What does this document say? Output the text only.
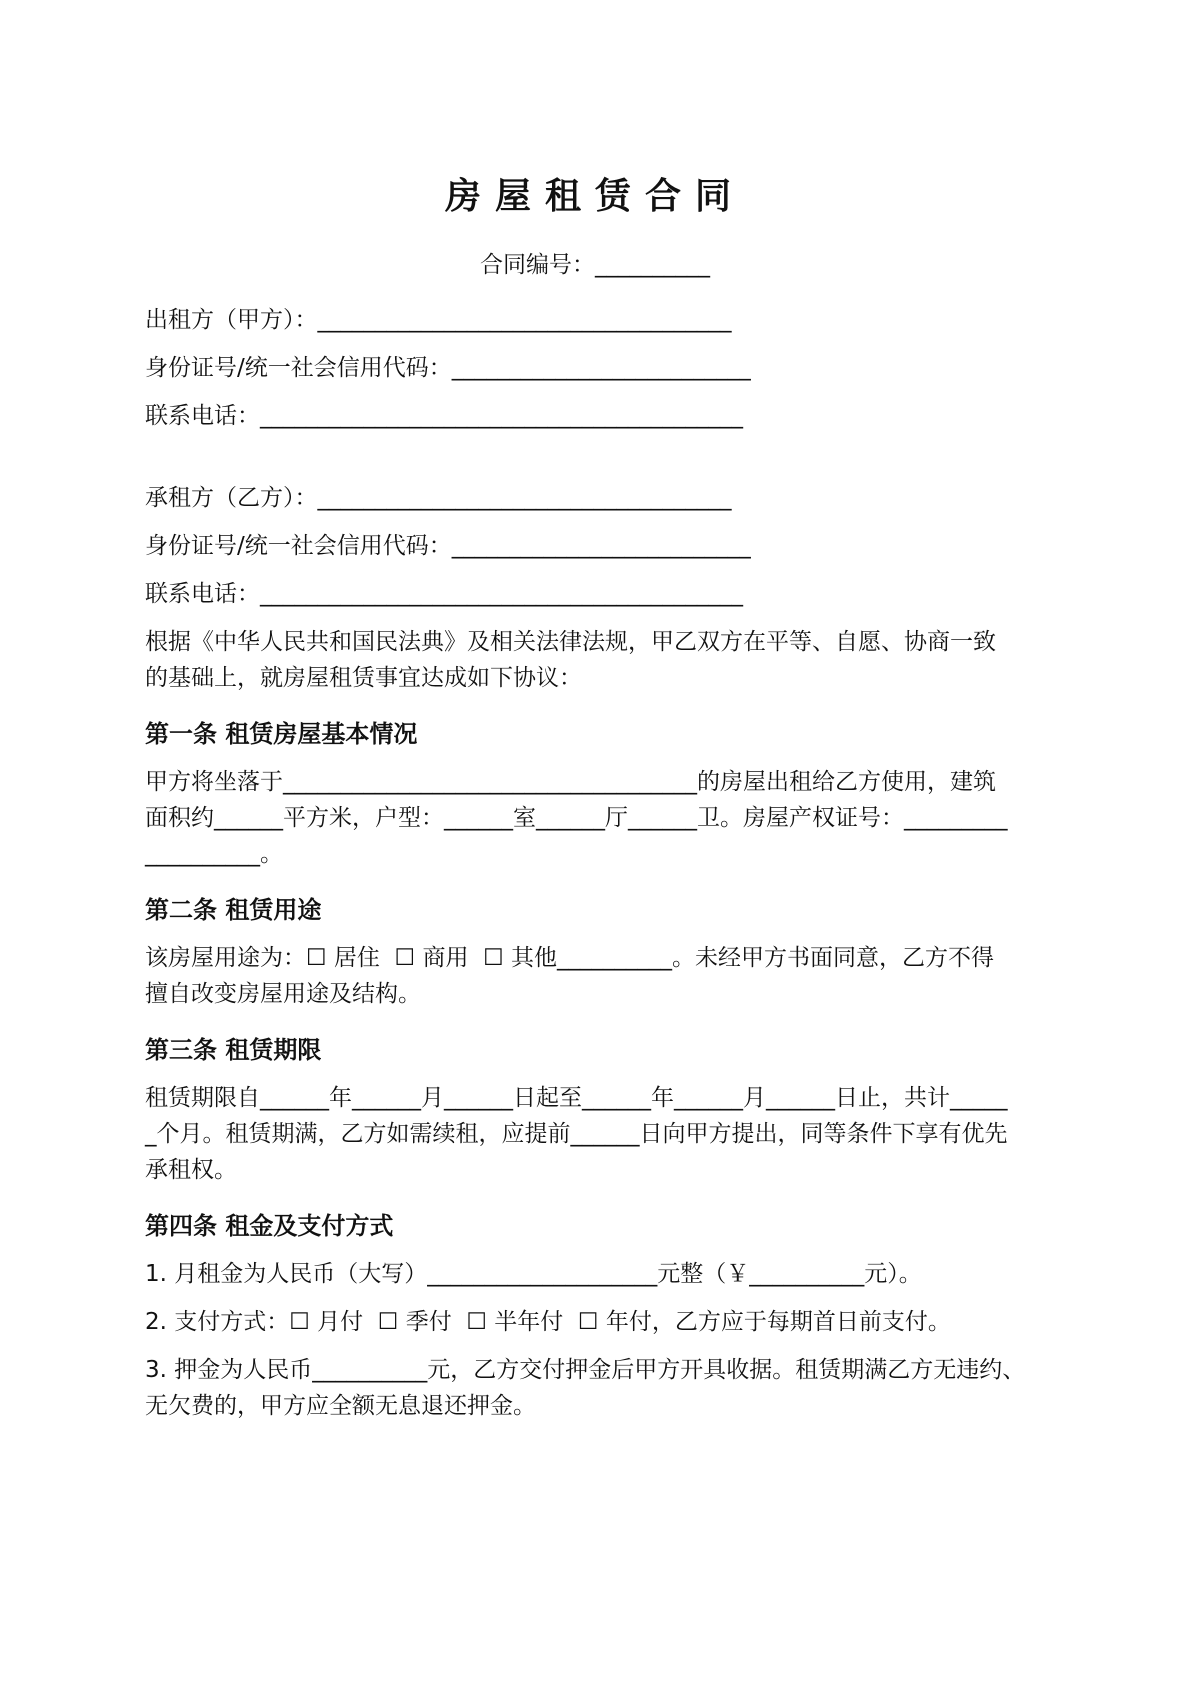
房屋租赁合同
合同编号：__________
出租方（甲方）：____________________________________
身份证号/统一社会信用代码：__________________________
联系电话：__________________________________________
承租方（乙方）：____________________________________
身份证号/统一社会信用代码：__________________________
联系电话：__________________________________________
根据《中华人民共和国民法典》及相关法律法规，甲乙双方在平等、自愿、协商一致
的基础上，就房屋租赁事宜达成如下协议：
第一条 租赁房屋基本情况
甲方将坐落于____________________________________的房屋出租给乙方使用，建筑
面积约______平方米，户型：______室______厅______卫。房屋产权证号：_________
__________。
第二条 租赁用途
该房屋用途为：☐ 居住  ☐ 商用  ☐ 其他__________。未经甲方书面同意，乙方不得
擅自改变房屋用途及结构。
第三条 租赁期限
租赁期限自______年______月______日起至______年______月______日止，共计_____
_个月。租赁期满，乙方如需续租，应提前______日向甲方提出，同等条件下享有优先
承租权。
第四条 租金及支付方式
1. 月租金为人民币（大写）____________________元整（￥__________元）。
2. 支付方式：☐ 月付  ☐ 季付  ☐ 半年付  ☐ 年付，乙方应于每期首日前支付。
3. 押金为人民币__________元，乙方交付押金后甲方开具收据。租赁期满乙方无违约、
无欠费的，甲方应全额无息退还押金。
